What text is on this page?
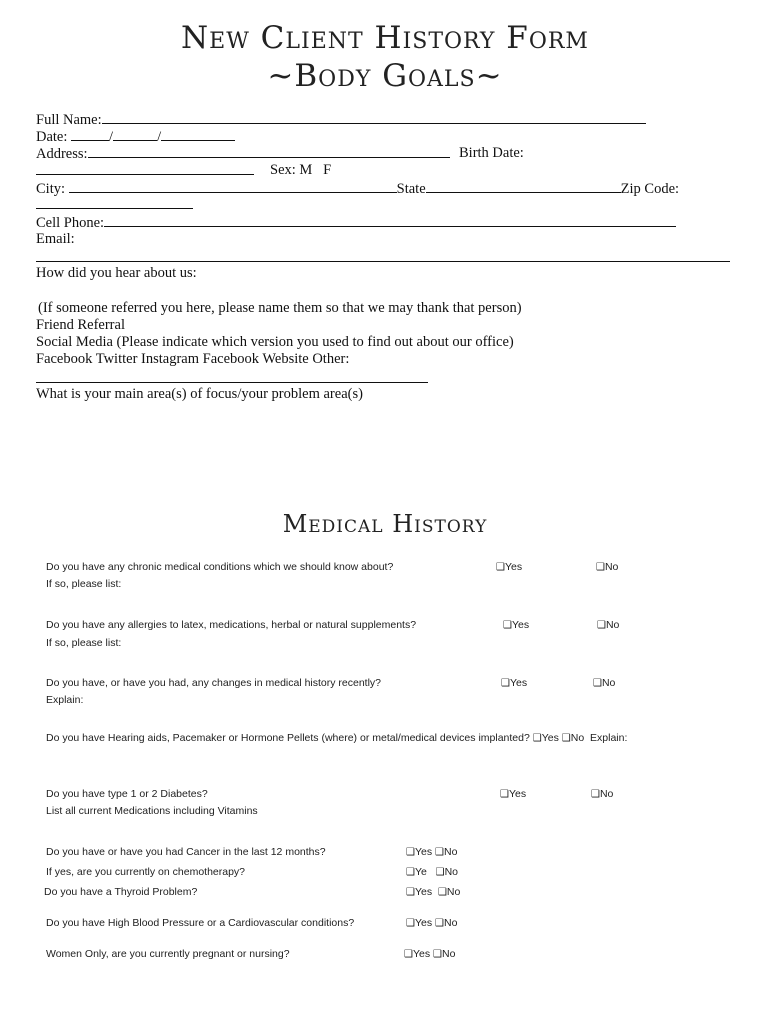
New Client History Form
~Body Goals~
Full Name:
Date:	/	/
Address:	Birth Date:
Sex: M F
City:	State	Zip Code:
Cell Phone:
Email:
How did you hear about us:
(If someone referred you here, please name them so that we may thank that person)
Friend Referral
Social Media (Please indicate which version you used to find out about our office)
Facebook Twitter Instagram Facebook Website Other:
What is your main area(s) of focus/your problem area(s)
Medical History
Do you have any chronic medical conditions which we should know about?
If so, please list:
❑Yes	❑No
Do you have any allergies to latex, medications, herbal or natural supplements?
If so, please list:
❑Yes	❑No
Do you have, or have you had, any changes in medical history recently?
Explain:
❑Yes	❑No
Do you have Hearing aids, Pacemaker or Hormone Pellets (where) or metal/medical devices implanted? ❑Yes ❑No Explain:
Do you have type 1 or 2 Diabetes?
List all current Medications including Vitamins
❑Yes	❑No
Do you have or have you had Cancer in the last 12 months?	❑Yes ❑No
If yes, are you currently on chemotherapy?	❑Ye ❑No
Do you have a Thyroid Problem?	❑Yes ❑No
Do you have High Blood Pressure or a Cardiovascular conditions?	❑Yes ❑No
Women Only, are you currently pregnant or nursing?	❑Yes ❑No
